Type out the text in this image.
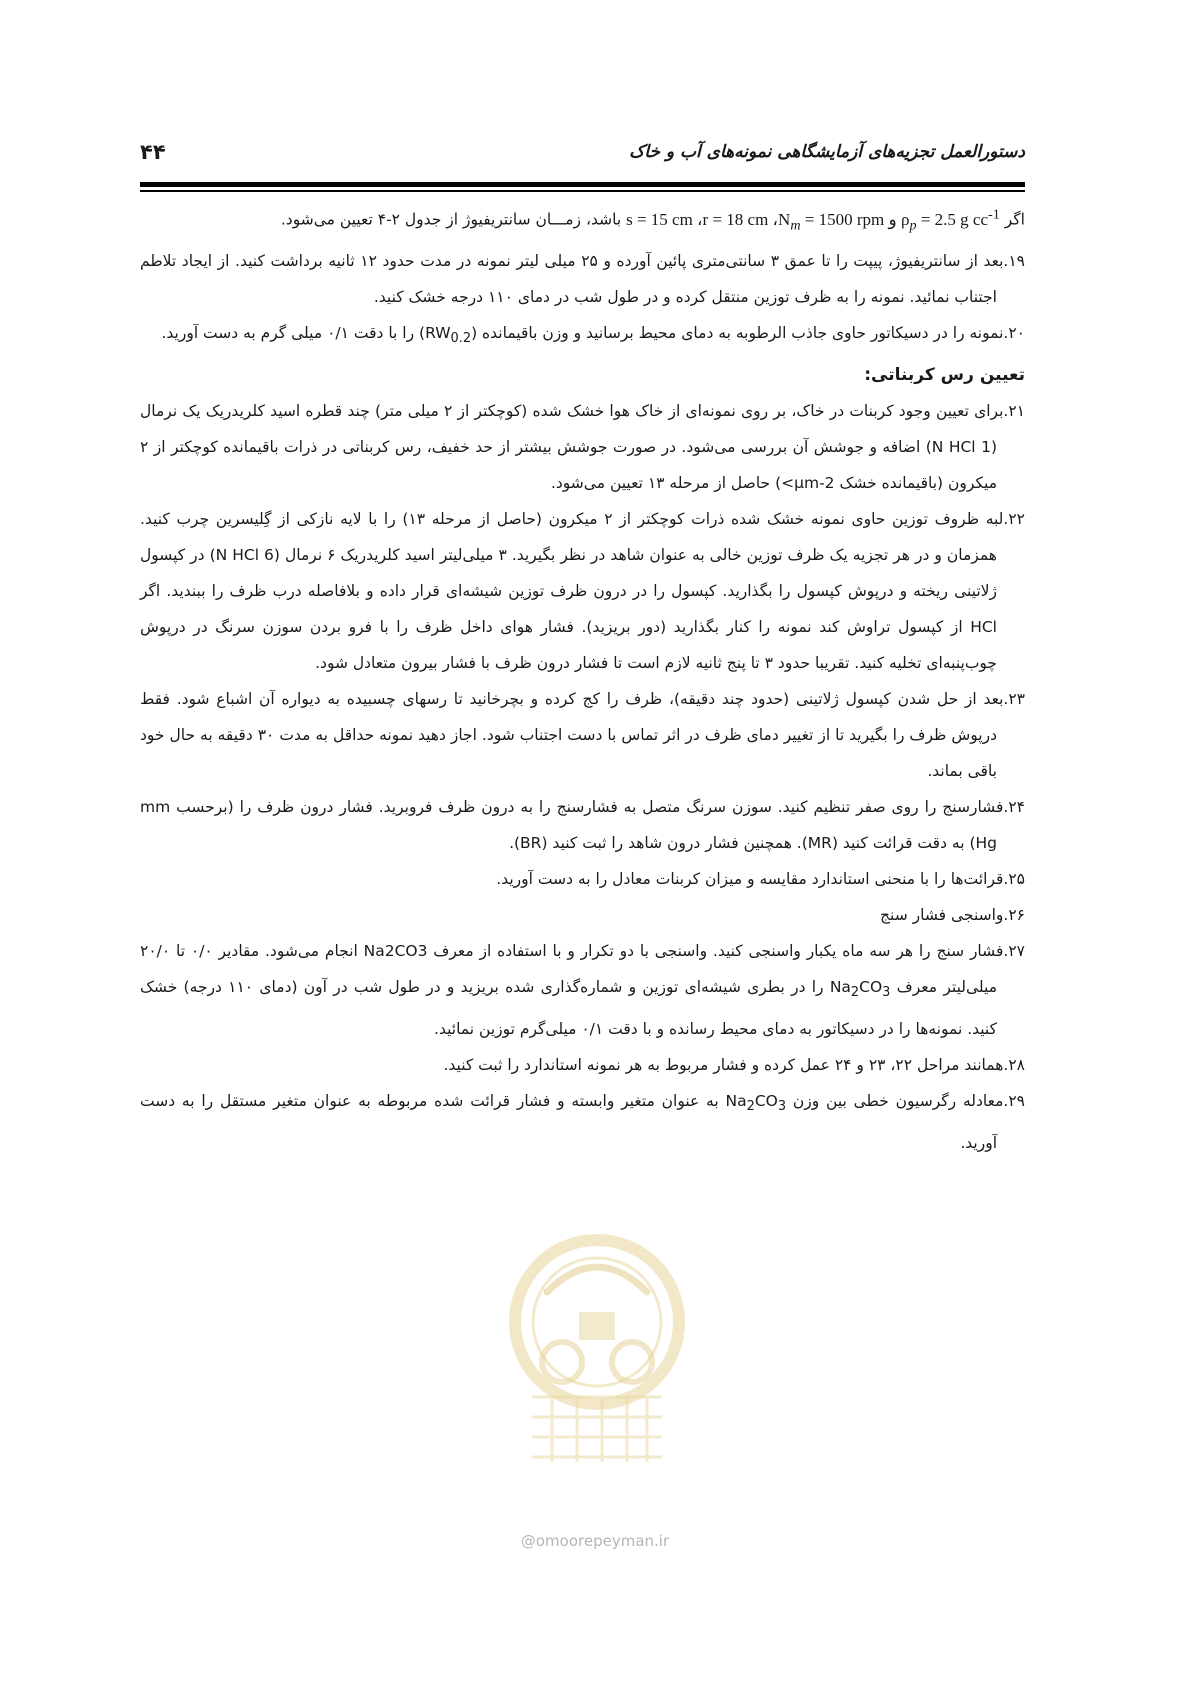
۴۴	دستورالعمل تجزیه‌های آزمایشگاهی نمونه‌های آب و خاک

اگر s = 15 cm ،r = 18 cm $،N_m = 1500$ rpm و $\rho_p = 2.5$ g $cc^{-1}$ باشد، زمـــان سانتریفیوژ از جدول ۲-۴ تعیین می‌شود.

۱۹.بعد از سانتریفیوژ، پیپت را تا عمق ۳ سانتی‌متری پائین آورده و ۲۵ میلی لیتر نمونه در مدت حدود ۱۲ ثانیه برداشت کنید. از ایجاد تلاطم اجتناب نمائید. نمونه را به ظرف توزین منتقل کرده و در طول شب در دمای ۱۱۰ درجه خشک کنید.

۲۰.نمونه را در دسیکاتور حاوی جاذب الرطوبه به دمای محیط برسانید و وزن باقیمانده $(RW_{0.2})$ را با دقت ۰/۱ میلی گرم به دست آورید.

تعیین رس کربناتی:

۲۱.برای تعیین وجود کربنات در خاک، بر روی نمونه‌ای از خاک هوا خشک شده (کوچکتر از ۲ میلی متر) چند قطره اسید کلریدریک یک نرمال (1 N HCl) اضافه و جوشش آن بررسی می‌شود. در صورت جوشش بیشتر از حد خفیف، رس کربناتی در ذرات باقیمانده کوچکتر از ۲ میکرون (باقیمانده خشک 2-μm>) حاصل از مرحله ۱۳ تعیین می‌شود.

۲۲.لبه ظروف توزین حاوی نمونه خشک شده ذرات کوچکتر از ۲ میکرون (حاصل از مرحله ۱۳) را با لایه نازکی از گِلیسرین چرب کنید. همزمان و در هر تجزیه یک ظرف توزین خالی به عنوان شاهد در نظر بگیرید. ۳ میلی‌لیتر اسید کلریدریک ۶ نرمال (6 N HCl) در کپسول ژلاتینی ریخته و درپوش کپسول را بگذارید. کپسول را در درون ظرف توزین شیشه‌ای قرار داده و بلافاصله درب ظرف را ببندید. اگر HCl از کپسول تراوش کند نمونه را کنار بگذارید (دور بریزید). فشار هوای داخل ظرف را با فرو بردن سوزن سرنگ در درپوش چوب‌پنبه‌ای تخلیه کنید. تقریبا حدود ۳ تا پنج ثانیه لازم است تا فشار درون ظرف با فشار بیرون متعادل شود.

۲۳.بعد از حل شدن کپسول ژلاتینی (حدود چند دقیقه)، ظرف را کج کرده و بچرخانید تا رسهای چسبیده به دیواره آن اشباع شود. فقط درپوش ظرف را بگیرید تا از تغییر دمای ظرف در اثر تماس با دست اجتناب شود. اجاز دهید نمونه حداقل به مدت ۳۰ دقیقه به حال خود باقی بماند.

۲۴.فشارسنج را روی صفر تنظیم کنید. سوزن سرنگ متصل به فشارسنج را به درون ظرف فروبرید. فشار درون ظرف را (برحسب mm Hg) به دقت قرائت کنید (MR). همچنین فشار درون شاهد را ثبت کنید (BR).

۲۵.قرائت‌ها را با منحنی استاندارد مقایسه و میزان کربنات معادل را به دست آورید.

۲۶.واسنجی فشار سنج

۲۷.فشار سنج را هر سه ماه یکبار واسنجی کنید. واسنجی با دو تکرار و با استفاده از معرف Na2CO3 انجام می‌شود. مقادیر ۰/۰ تا ۲۰/۰ میلی‌لیتر معرف $Na_2CO_3$ را در بطری شیشه‌ای توزین و شماره‌گذاری شده بریزید و در طول شب در آون (دمای ۱۱۰ درجه) خشک کنید. نمونه‌ها را در دسیکاتور به دمای محیط رسانده و با دقت ۰/۱ میلی‌گرم توزین نمائید.

۲۸.همانند مراحل ۲۲، ۲۳ و ۲۴ عمل کرده و فشار مربوط به هر نمونه استاندارد را ثبت کنید.

۲۹.معادله رگرسیون خطی بین وزن $Na_2CO_3$ به عنوان متغیر وابسته و فشار قرائت شده مربوطه به عنوان متغیر مستقل را به دست آورید.

@omoorepeyman.ir
